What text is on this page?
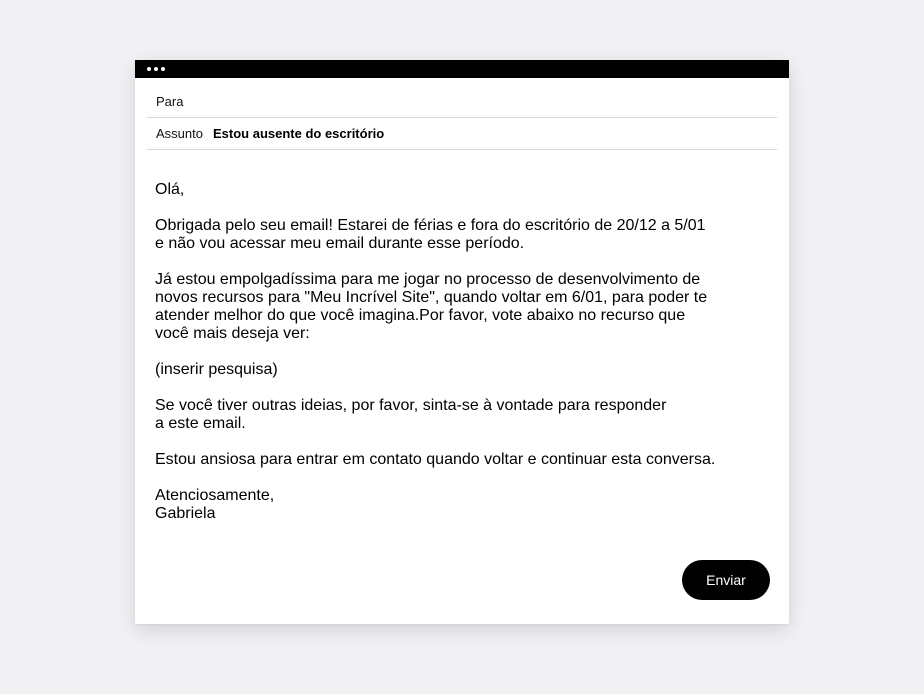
Para
Assunto Estou ausente do escritório

Olá,

Obrigada pelo seu email! Estarei de férias e fora do escritório de 20/12 a 5/01
e não vou acessar meu email durante esse período.

Já estou empolgadíssima para me jogar no processo de desenvolvimento de
novos recursos para "Meu Incrível Site", quando voltar em 6/01, para poder te
atender melhor do que você imagina.Por favor, vote abaixo no recurso que
você mais deseja ver:

(inserir pesquisa)

Se você tiver outras ideias, por favor, sinta-se à vontade para responder
a este email.

Estou ansiosa para entrar em contato quando voltar e continuar esta conversa.

Atenciosamente,
Gabriela

Enviar
